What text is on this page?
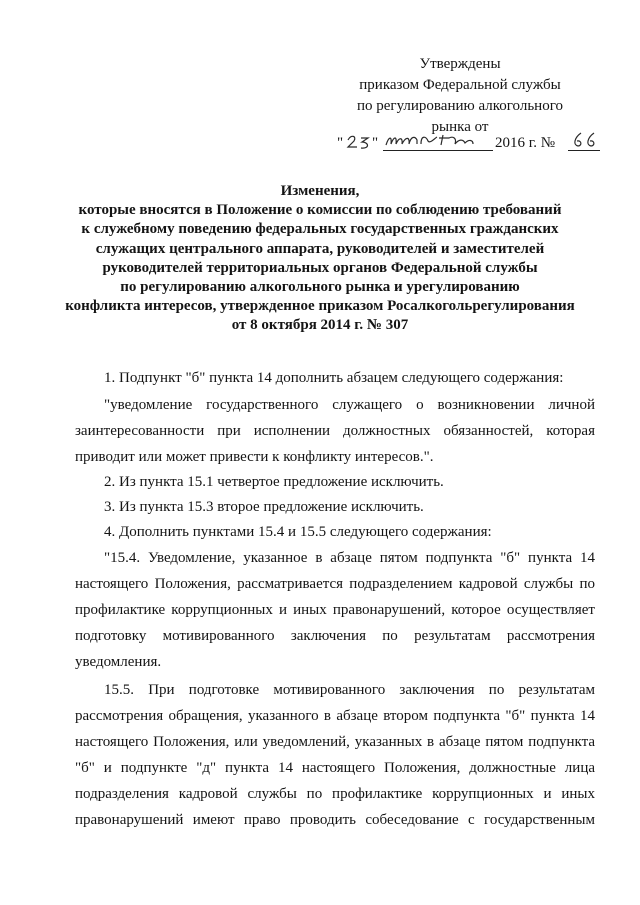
Утверждены
приказом Федеральной службы
по регулированию алкогольного
рынка от
" "	2016 г. №
Изменения,
которые вносятся в Положение о комиссии по соблюдению требований
к служебному поведению федеральных государственных гражданских
служащих центрального аппарата, руководителей и заместителей
руководителей территориальных органов Федеральной службы
по регулированию алкогольного рынка и урегулированию
конфликта интересов, утвержденное приказом Росалкогольрегулирования
от 8 октября 2014 г. № 307
1. Подпункт "б" пункта 14 дополнить абзацем следующего содержания:
"уведомление государственного служащего о возникновении личной
заинтересованности при исполнении должностных обязанностей, которая
приводит или может привести к конфликту интересов.".
2. Из пункта 15.1 четвертое предложение исключить.
3. Из пункта 15.3 второе предложение исключить.
4. Дополнить пунктами 15.4 и 15.5 следующего содержания:
"15.4. Уведомление, указанное в абзаце пятом подпункта "б" пункта 14
настоящего Положения, рассматривается подразделением кадровой службы по
профилактике коррупционных и иных правонарушений, которое осуществляет
подготовку мотивированного заключения по результатам рассмотрения
уведомления.
15.5. При подготовке мотивированного заключения по результатам
рассмотрения обращения, указанного в абзаце втором подпункта "б" пункта 14
настоящего Положения, или уведомлений, указанных в абзаце пятом подпункта
"б" и подпункте "д" пункта 14 настоящего Положения, должностные лица
подразделения кадровой службы по профилактике коррупционных и иных
правонарушений имеют право проводить собеседование с государственным
